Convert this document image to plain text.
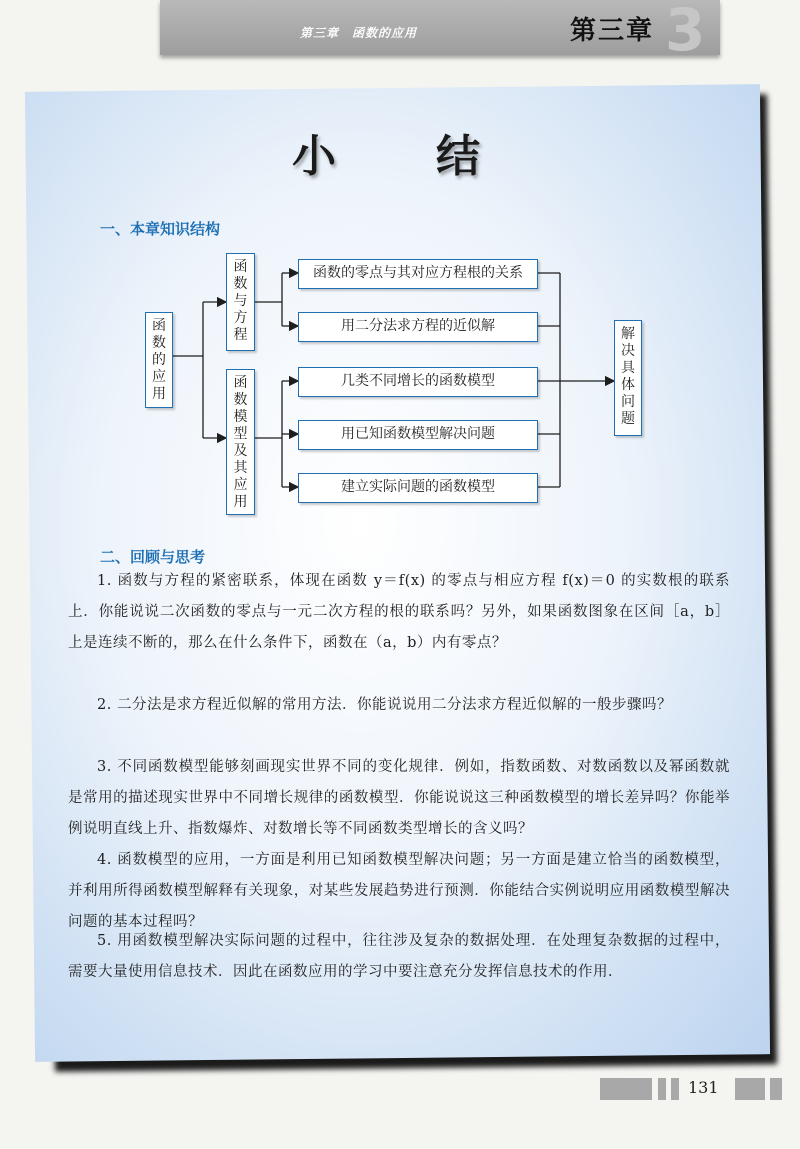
3
第三章　函数的应用	第三章
小　结
一、本章知识结构
函
数
的
应
用
函
数
与
方
程
函
数
模
型
及
其
应
用
函数的零点与其对应方程根的关系
用二分法求方程的近似解
几类不同增长的函数模型
用已知函数模型解决问题
建立实际问题的函数模型
解
决
具
体
问
题
二、回顾与思考
1. 函数与方程的紧密联系，体现在函数 y＝f(x) 的零点与相应方程 f(x)＝0 的实数根的联系上．你能说说二次函数的零点与一元二次方程的根的联系吗？另外，如果函数图象在区间［a，b］上是连续不断的，那么在什么条件下，函数在（a，b）内有零点？
2. 二分法是求方程近似解的常用方法．你能说说用二分法求方程近似解的一般步骤吗？
3. 不同函数模型能够刻画现实世界不同的变化规律．例如，指数函数、对数函数以及幂函数就是常用的描述现实世界中不同增长规律的函数模型．你能说说这三种函数模型的增长差异吗？你能举例说明直线上升、指数爆炸、对数增长等不同函数类型增长的含义吗？
4. 函数模型的应用，一方面是利用已知函数模型解决问题；另一方面是建立恰当的函数模型，并利用所得函数模型解释有关现象，对某些发展趋势进行预测．你能结合实例说明应用函数模型解决问题的基本过程吗？
5. 用函数模型解决实际问题的过程中，往往涉及复杂的数据处理．在处理复杂数据的过程中，需要大量使用信息技术．因此在函数应用的学习中要注意充分发挥信息技术的作用．
131
